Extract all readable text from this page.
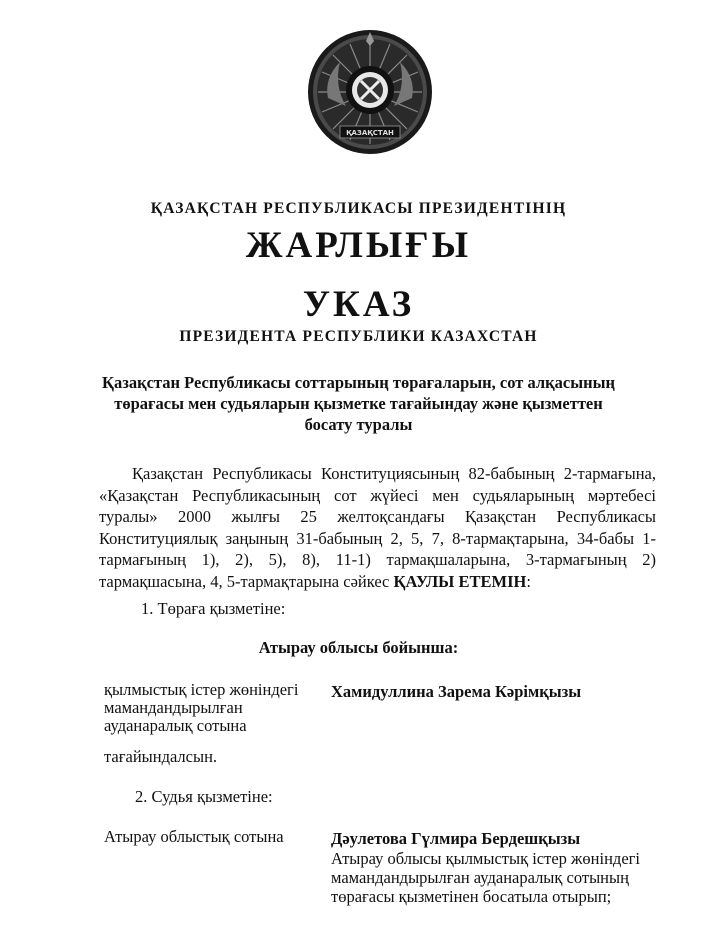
ҚАЗАҚСТАН
ҚАЗАҚСТАН РЕСПУБЛИКАСЫ ПРЕЗИДЕНТІНІҢ
ЖАРЛЫҒЫ
УКАЗ
ПРЕЗИДЕНТА РЕСПУБЛИКИ КАЗАХСТАН
Қазақстан Республикасы соттарының төрағаларын, сот алқасының
төрағасы мен судьяларын қызметке тағайындау және қызметтен
босату туралы
Қазақстан Республикасы Конституциясының 82-бабының 2-тармағына, «Қазақстан Республикасының сот жүйесі мен судьяларының мәртебесі туралы» 2000 жылғы 25 желтоқсандағы Қазақстан Республикасы Конституциялық заңының 31-бабының 2, 5, 7, 8-тармақтарына, 34-бабы 1-тармағының 1), 2), 5), 8), 11-1) тармақшаларына, 3-тармағының 2) тармақшасына, 4, 5-тармақтарына сәйкес ҚАУЛЫ ЕТЕМІН:
1. Төраға қызметіне:
Атырау облысы бойынша:
қылмыстық істер жөніндегі
мамандандырылған
ауданаралық сотына
Хамидуллина Зарема Кәрімқызы
тағайындалсын.
2. Судья қызметіне:
Атырау облыстық сотына	Дәулетова Гүлмира Бердешқызы
Атырау облысы қылмыстық істер жөніндегі
мамандандырылған ауданаралық сотының
төрағасы қызметінен босатыла отырып;
